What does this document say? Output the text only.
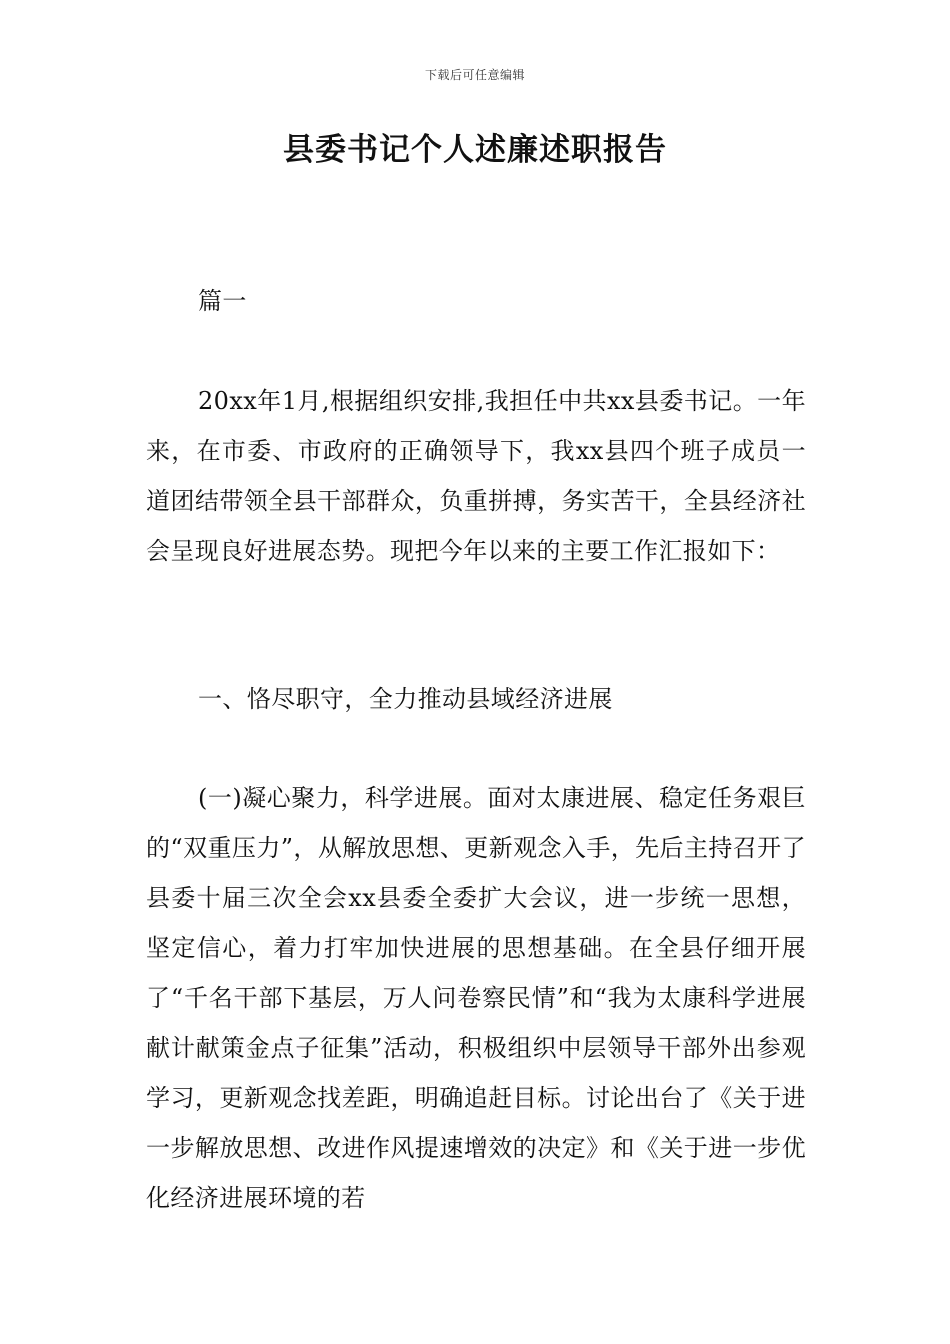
下载后可任意编辑
县委书记个人述廉述职报告

篇一

20xx年1月,根据组织安排,我担任中共xx县委书记。一年来，在市委、市政府的正确领导下，我xx县四个班子成员一道团结带领全县干部群众，负重拼搏，务实苦干，全县经济社会呈现良好进展态势。现把今年以来的主要工作汇报如下：

一、恪尽职守，全力推动县域经济进展

(一)凝心聚力，科学进展。面对太康进展、稳定任务艰巨的“双重压力”，从解放思想、更新观念入手，先后主持召开了县委十届三次全会xx县委全委扩大会议，进一步统一思想，坚定信心，着力打牢加快进展的思想基础。在全县仔细开展了“千名干部下基层，万人问卷察民情”和“我为太康科学进展献计献策金点子征集”活动，积极组织中层领导干部外出参观学习，更新观念找差距，明确追赶目标。讨论出台了《关于进一步解放思想、改进作风提速增效的决定》和《关于进一步优化经济进展环境的若
